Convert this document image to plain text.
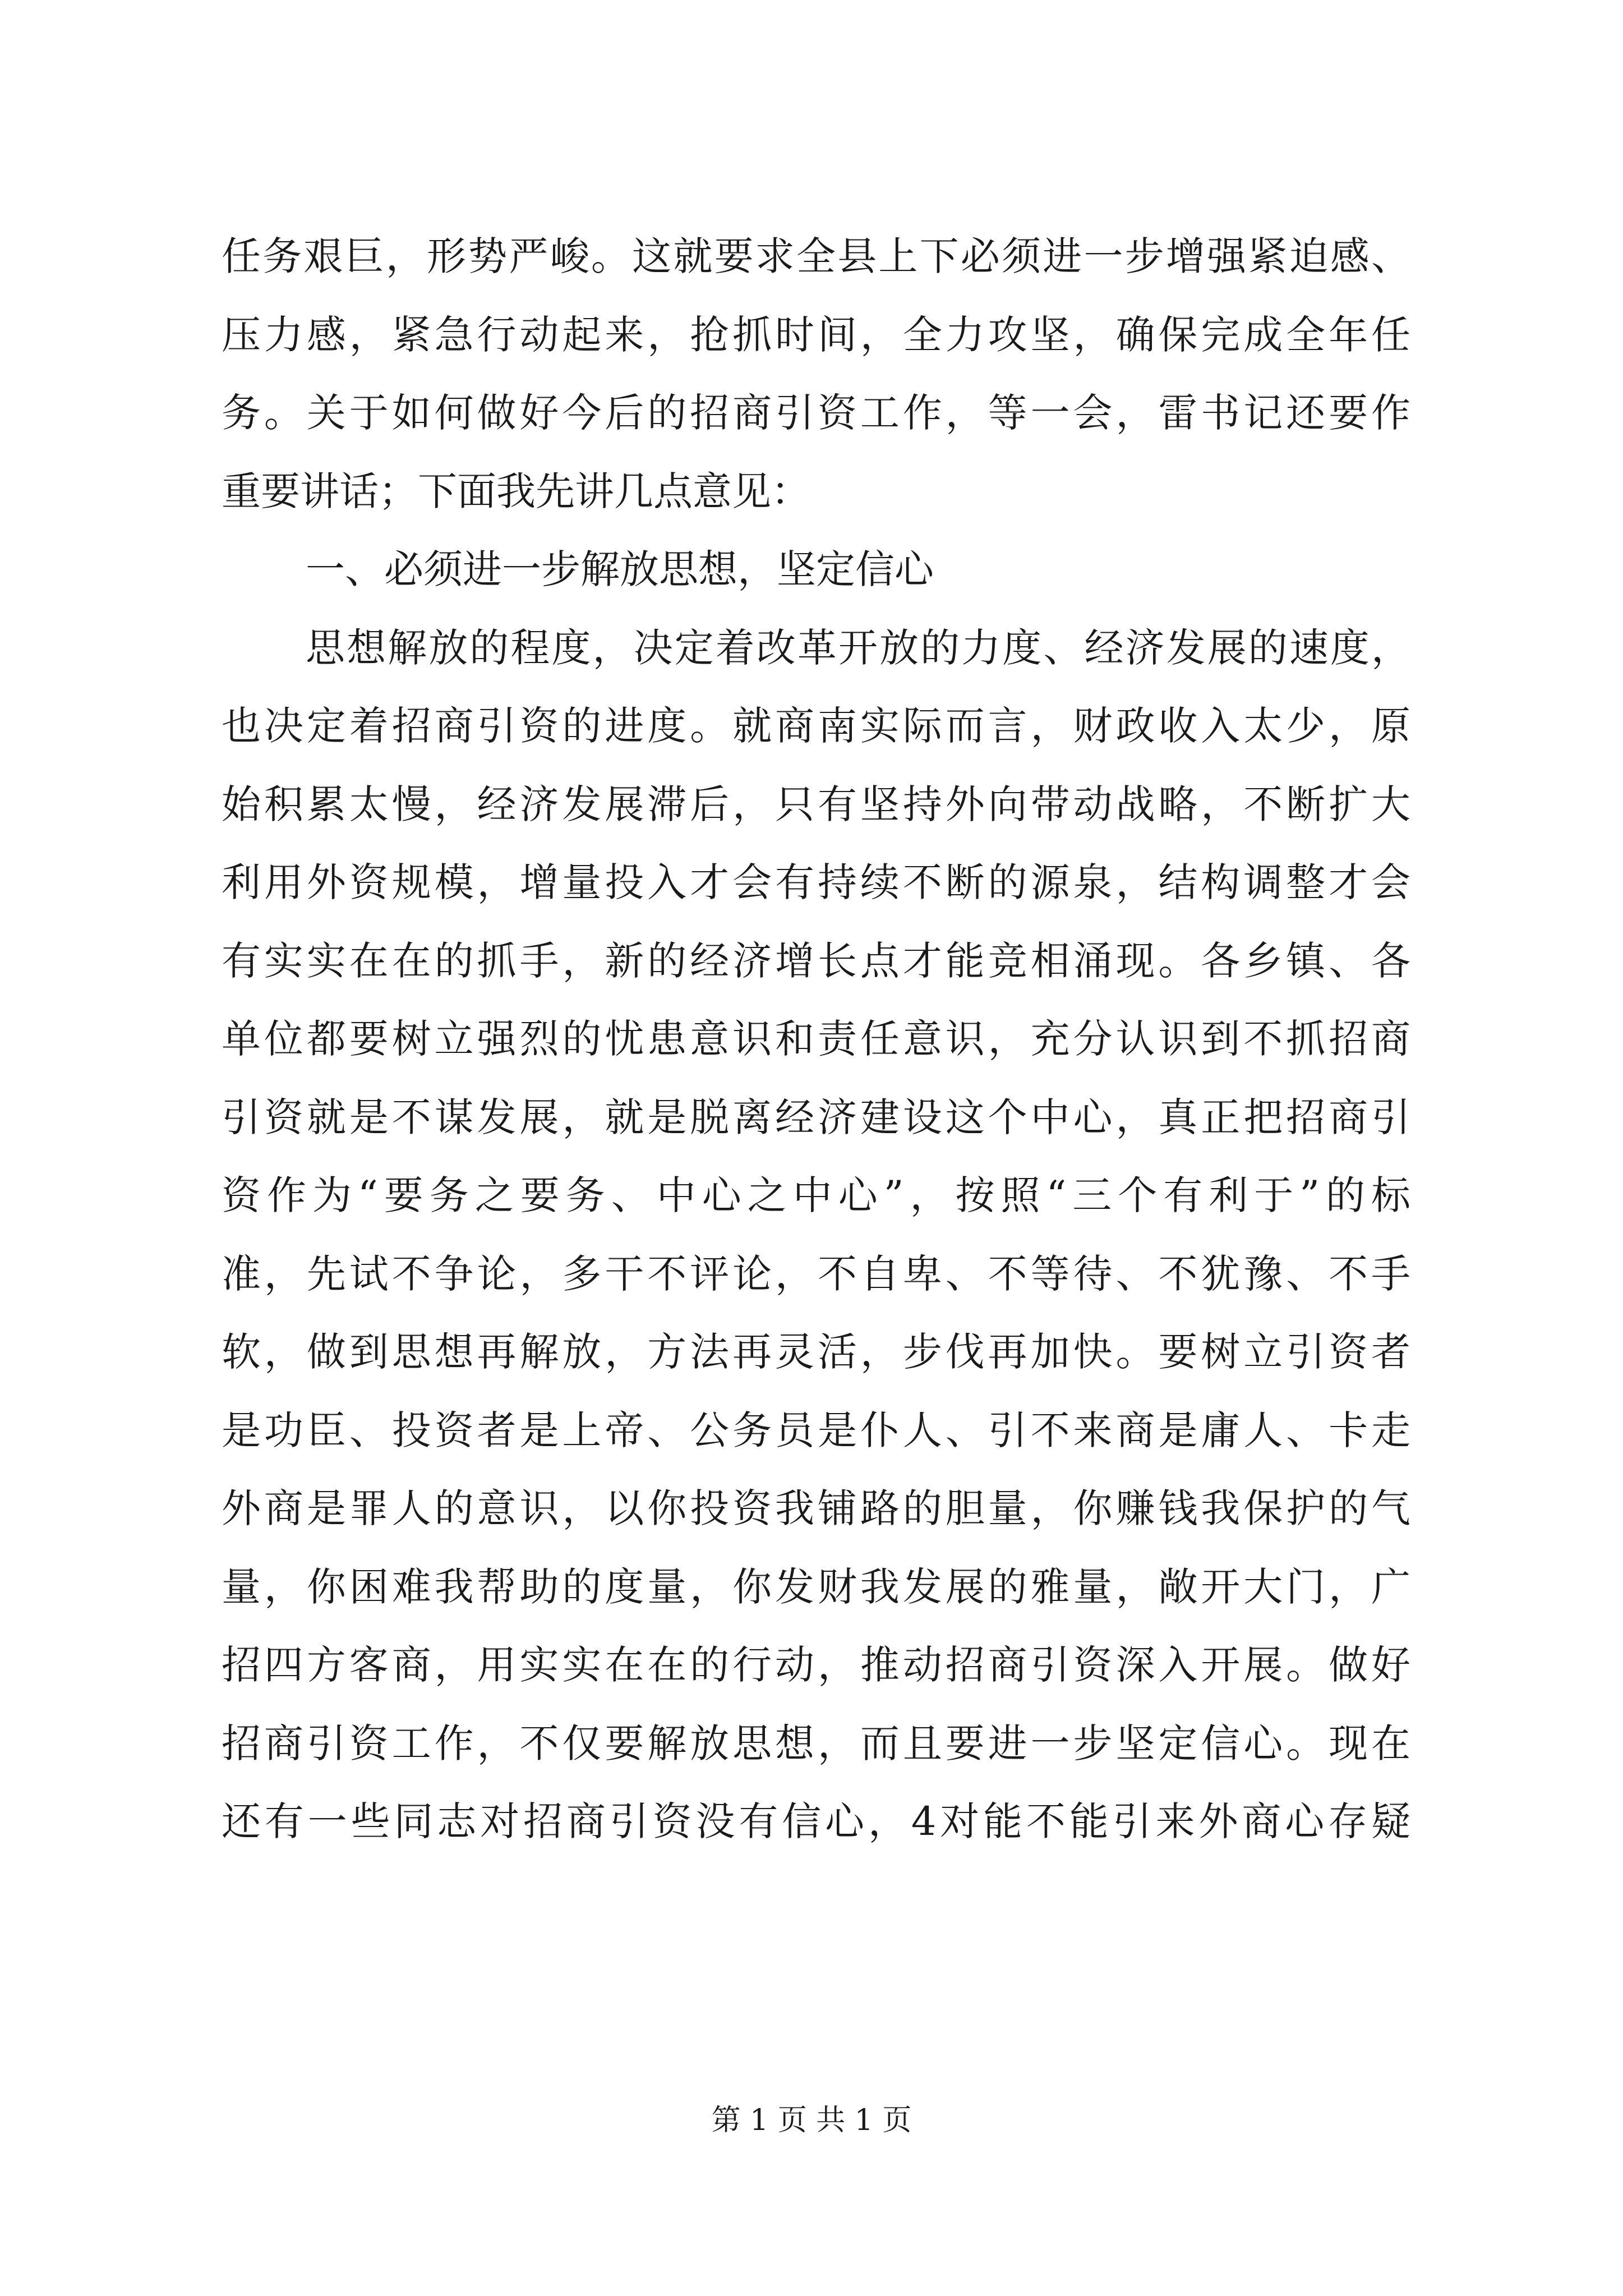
任务艰巨，形势严峻。这就要求全县上下必须进一步增强紧迫感、
压力感，紧急行动起来，抢抓时间，全力攻坚，确保完成全年任
务。关于如何做好今后的招商引资工作，等一会，雷书记还要作
重要讲话；下面我先讲几点意见：
一、必须进一步解放思想，坚定信心
思想解放的程度，决定着改革开放的力度、经济发展的速度，
也决定着招商引资的进度。就商南实际而言，财政收入太少，原
始积累太慢，经济发展滞后，只有坚持外向带动战略，不断扩大
利用外资规模，增量投入才会有持续不断的源泉，结构调整才会
有实实在在的抓手，新的经济增长点才能竞相涌现。各乡镇、各
单位都要树立强烈的忧患意识和责任意识，充分认识到不抓招商
引资就是不谋发展，就是脱离经济建设这个中心，真正把招商引
资作为“要务之要务、中心之中心”，按照“三个有利于”的标
准，先试不争论，多干不评论，不自卑、不等待、不犹豫、不手
软，做到思想再解放，方法再灵活，步伐再加快。要树立引资者
是功臣、投资者是上帝、公务员是仆人、引不来商是庸人、卡走
外商是罪人的意识，以你投资我铺路的胆量，你赚钱我保护的气
量，你困难我帮助的度量，你发财我发展的雅量，敞开大门，广
招四方客商，用实实在在的行动，推动招商引资深入开展。做好
招商引资工作，不仅要解放思想，而且要进一步坚定信心。现在
还有一些同志对招商引资没有信心，4对能不能引来外商心存疑
第 1 页 共 1 页
